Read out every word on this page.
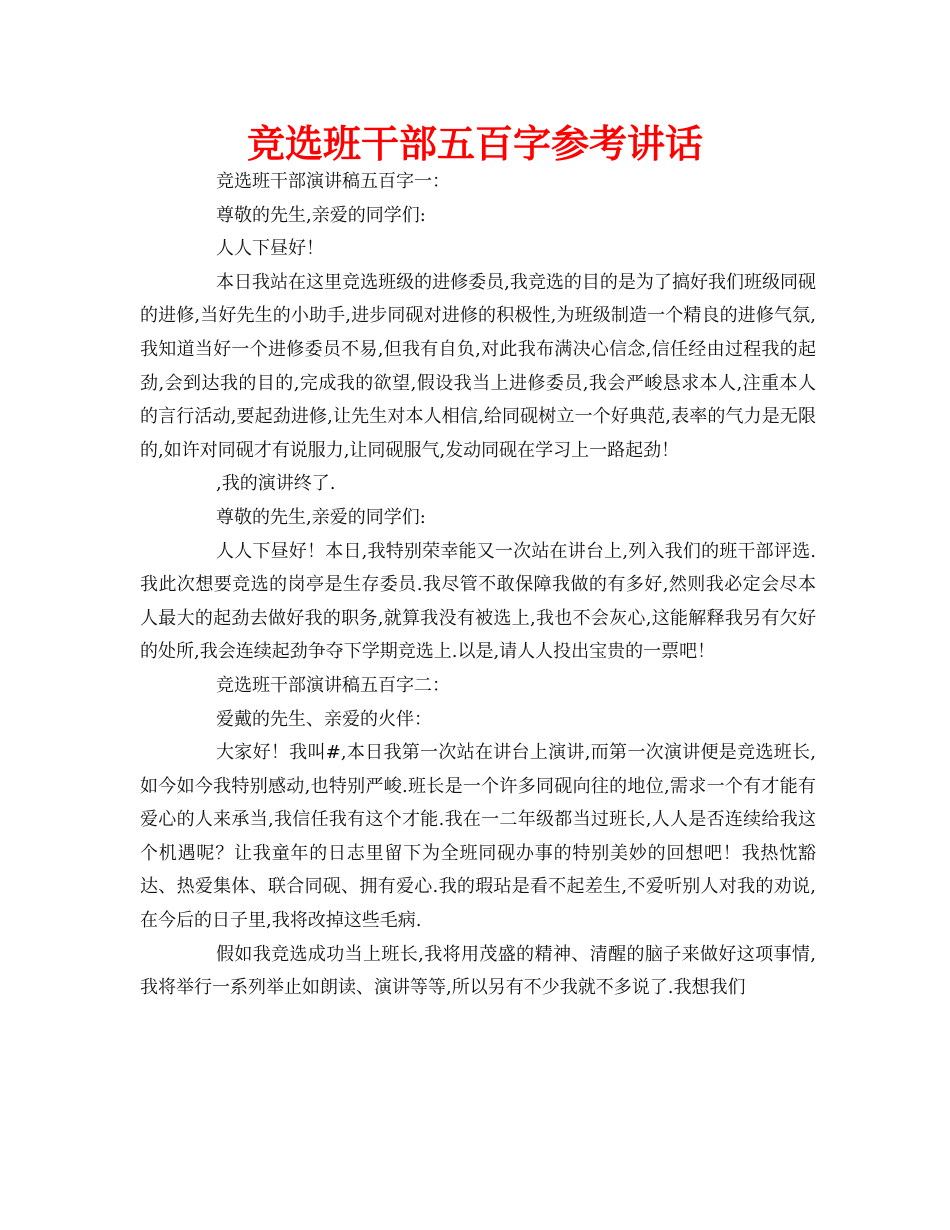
竞选班干部五百字参考讲话

竞选班干部演讲稿五百字一：

尊敬的先生,亲爱的同学们:

人人下昼好！

本日我站在这里竞选班级的进修委员,我竞选的目的是为了搞好我们班级同砚的进修,当好先生的小助手,进步同砚对进修的积极性,为班级制造一个精良的进修气氛,我知道当好一个进修委员不易,但我有自负,对此我布满决心信念,信任经由过程我的起劲,会到达我的目的,完成我的欲望,假设我当上进修委员,我会严峻恳求本人,注重本人的言行活动,要起劲进修,让先生对本人相信,给同砚树立一个好典范,表率的气力是无限的,如许对同砚才有说服力,让同砚服气,发动同砚在学习上一路起劲！

,我的演讲终了.

尊敬的先生,亲爱的同学们:

人人下昼好！本日,我特别荣幸能又一次站在讲台上,列入我们的班干部评选.我此次想要竞选的岗亭是生存委员.我尽管不敢保障我做的有多好,然则我必定会尽本人最大的起劲去做好我的职务,就算我没有被选上,我也不会灰心,这能解释我另有欠好的处所,我会连续起劲争夺下学期竞选上.以是,请人人投出宝贵的一票吧！

竞选班干部演讲稿五百字二：

爱戴的先生、亲爱的火伴：

大家好！我叫#,本日我第一次站在讲台上演讲,而第一次演讲便是竞选班长,如今如今我特别感动,也特别严峻.班长是一个许多同砚向往的地位,需求一个有才能有爱心的人来承当,我信任我有这个才能.我在一二年级都当过班长,人人是否连续给我这个机遇呢？让我童年的日志里留下为全班同砚办事的特别美妙的回想吧！我热忱豁达、热爱集体、联合同砚、拥有爱心.我的瑕玷是看不起差生,不爱听别人对我的劝说,在今后的日子里,我将改掉这些毛病.

假如我竞选成功当上班长,我将用茂盛的精神、清醒的脑子来做好这项事情,我将举行一系列举止如朗读、演讲等等,所以另有不少我就不多说了.我想我们
